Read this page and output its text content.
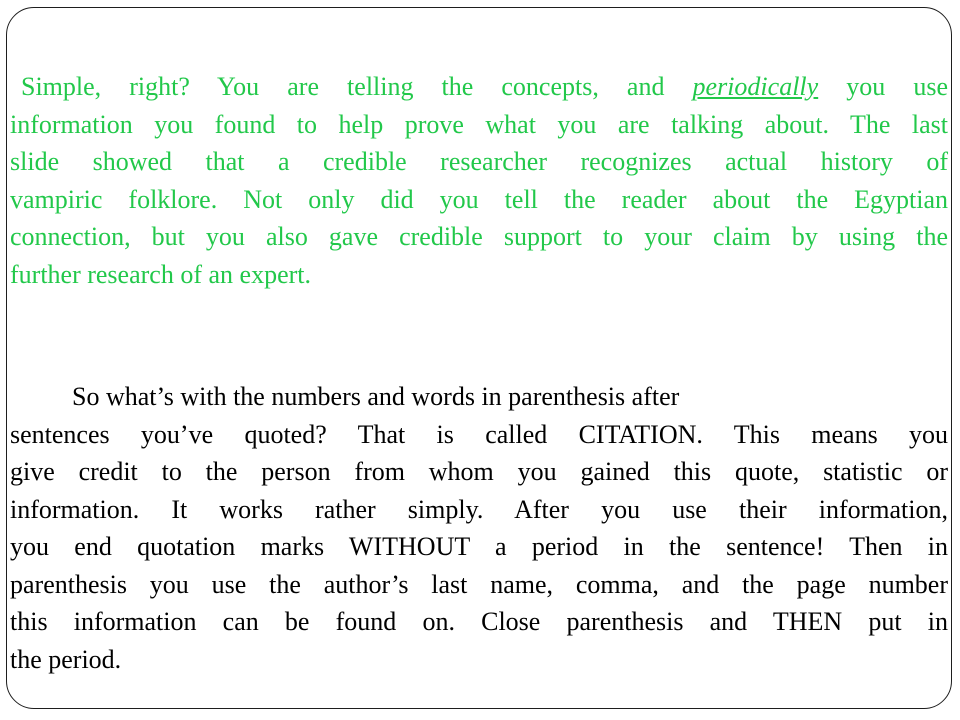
Simple, right? You are telling the concepts, and periodically you use
information you found to help prove what you are talking about. The last
slide showed that a credible researcher recognizes actual history of
vampiric folklore. Not only did you tell the reader about the Egyptian
connection, but you also gave credible support to your claim by using the
further research of an expert.
So what’s with the numbers and words in parenthesis after
sentences you’ve quoted? That is called CITATION. This means you
give credit to the person from whom you gained this quote, statistic or
information. It works rather simply. After you use their information,
you end quotation marks WITHOUT a period in the sentence! Then in
parenthesis you use the author’s last name, comma, and the page number
this information can be found on. Close parenthesis and THEN put in
the period.
